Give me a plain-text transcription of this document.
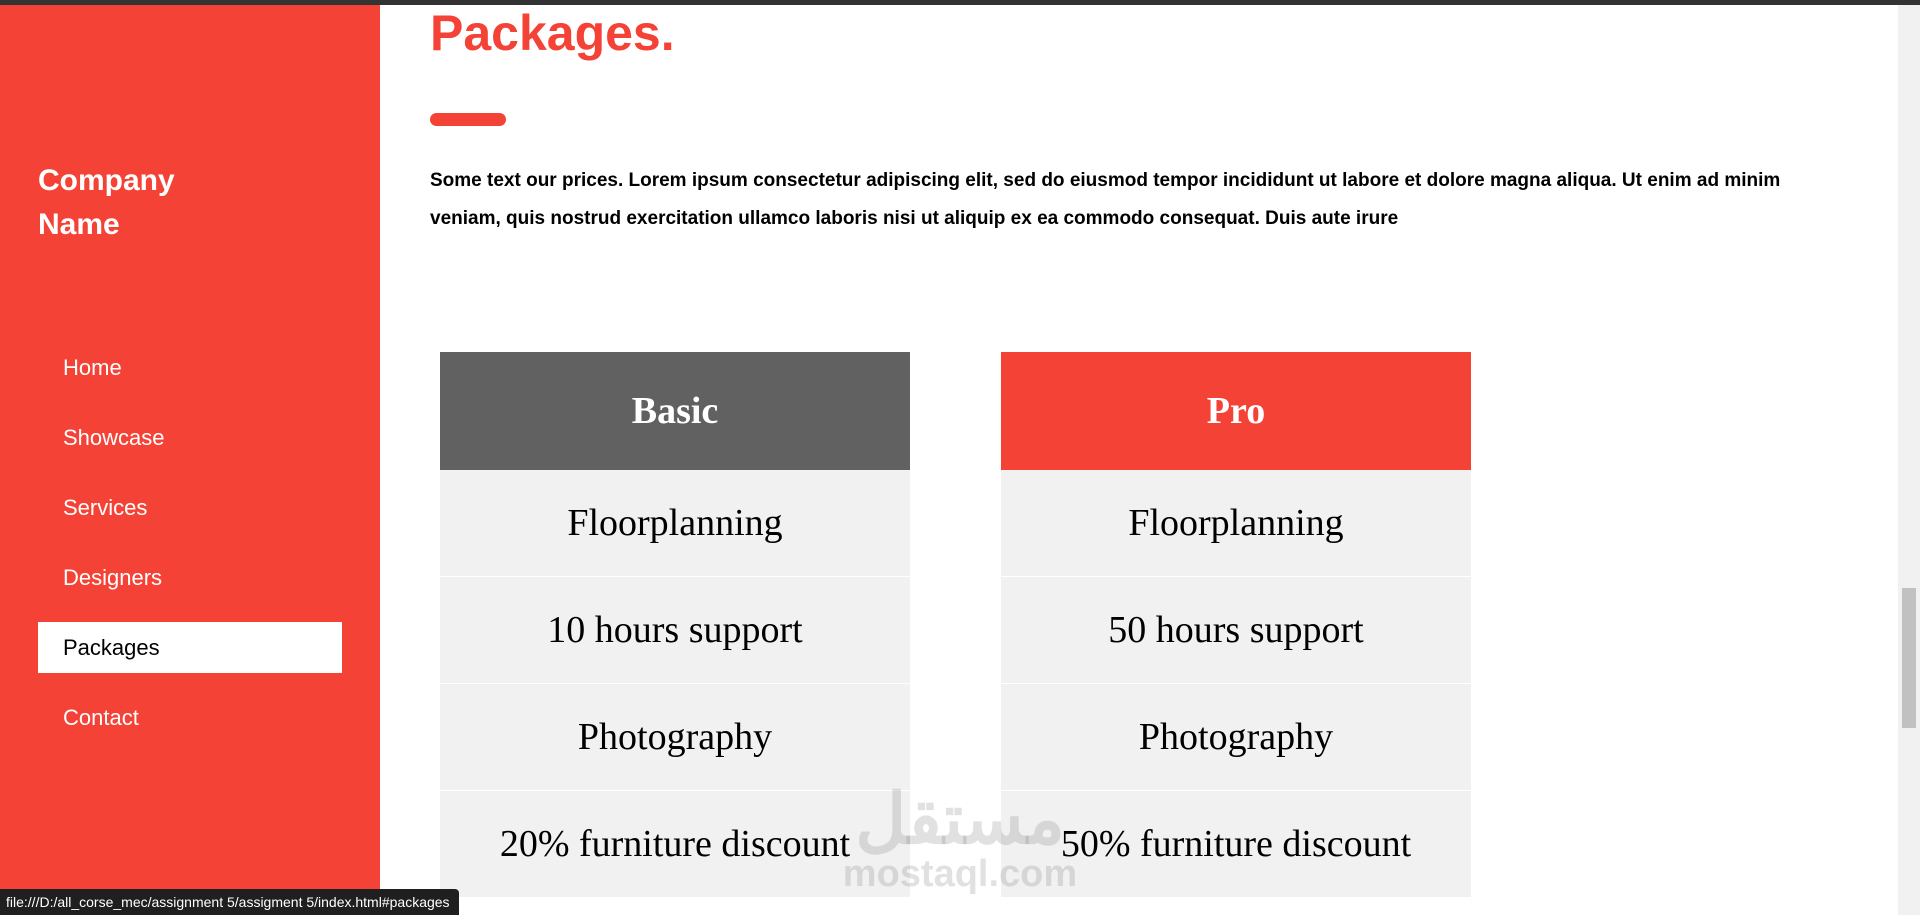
Company Name
Home
Showcase
Services
Designers
Packages
Contact
Packages.

Some text our prices. Lorem ipsum consectetur adipiscing elit, sed do eiusmod tempor incididunt ut labore et dolore magna aliqua. Ut enim ad minim veniam, quis nostrud exercitation ullamco laboris nisi ut aliquip ex ea commodo consequat. Duis aute irure

Basic
Floorplanning
10 hours support
Photography
20% furniture discount
Pro
Floorplanning
50 hours support
Photography
50% furniture discount
مستقل
mostaql.com
file:///D:/all_corse_mec/assignment 5/assigment 5/index.html#packages
